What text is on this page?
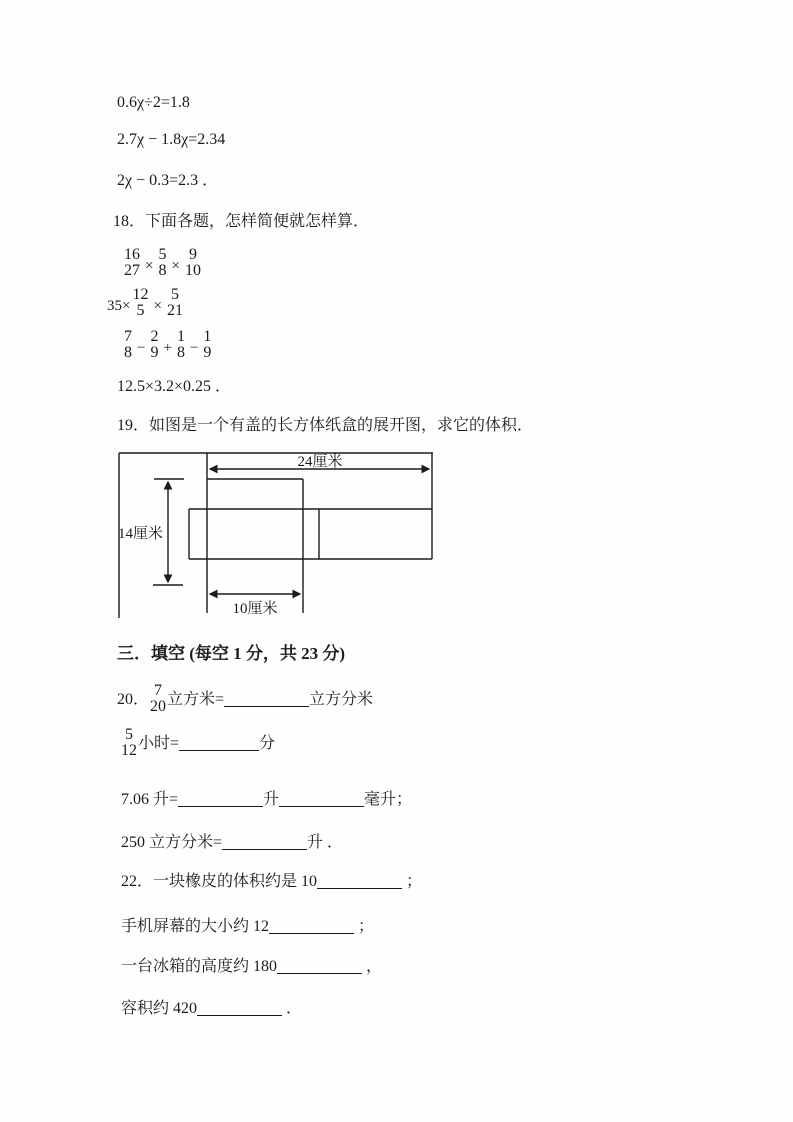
0.6χ÷2=1.8
2.7χ − 1.8χ=2.34
2χ − 0.3=2.3 ．
18．下面各题，怎样简便就怎样算．
16
27 ×
5
8 ×
9
10
35×
12
5 ×
5
21
7
8 −
2
9 +
1
8 −
1
9
12.5×3.2×0.25 ．
19．如图是一个有盖的长方体纸盒的展开图，求它的体积．
24厘米
14厘米
10厘米
三．填空 (每空 1 分，共 23 分)
20． 7
20 立方米=	立方分米
5
12 小时=	分

7.06 升=	升	毫升；

250 立方分米=	升 ．

22．一块橡皮的体积约是 10	；

手机屏幕的大小约 12	；

一台冰箱的高度约 180	，

容积约 420	．
